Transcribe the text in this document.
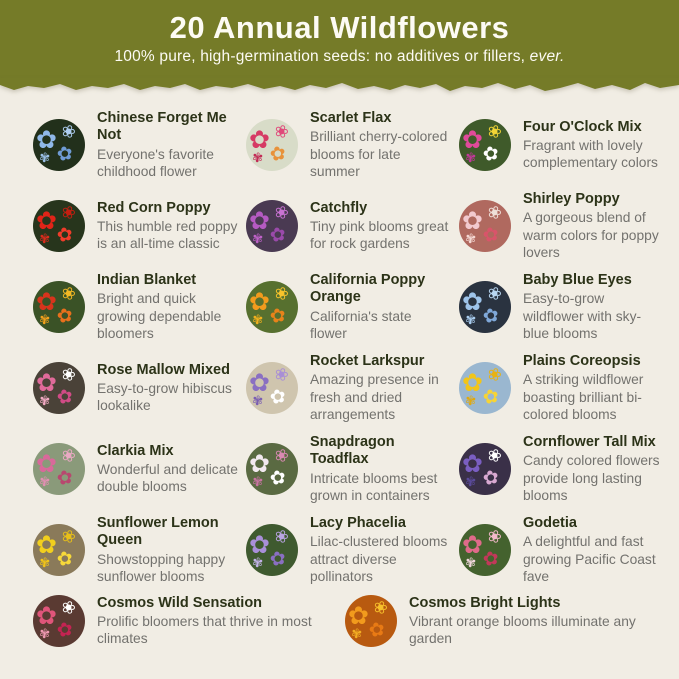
20 Annual Wildflowers

100% pure, high-germination seeds: no additives or fillers, ever.

✿ ❀
✿
✾
Chinese Forget Me Not
Everyone's favorite childhood flower
✿ ❀
✿
✾
Scarlet Flax
Brilliant cherry-colored blooms for late summer
✿ ❀
✿
✾
Four O'Clock Mix
Fragrant with lovely complementary colors
✿ ❀
✿
✾
Red Corn Poppy
This humble red poppy is an all-time classic
✿ ❀
✿
✾
Catchfly
Tiny pink blooms great for rock gardens
✿ ❀
✿
✾
Shirley Poppy
A gorgeous blend of warm colors for poppy lovers
✿ ❀
✿
✾
Indian Blanket
Bright and quick growing dependable bloomers
✿ ❀
✿
✾
California Poppy Orange
California's state flower
✿ ❀
✿
✾
Baby Blue Eyes
Easy-to-grow wildflower with sky-blue blooms
✿ ❀
✿
✾
Rose Mallow Mixed
Easy-to-grow hibiscus lookalike
✿ ❀
✿
✾
Rocket Larkspur
Amazing presence in fresh and dried arrangements
✿ ❀
✿
✾
Plains Coreopsis
A striking wildflower boasting brilliant bi-colored blooms
✿ ❀
✿
✾
Clarkia Mix
Wonderful and delicate double blooms
✿ ❀
✿
✾
Snapdragon Toadflax
Intricate blooms best grown in containers
✿ ❀
✿
✾
Cornflower Tall Mix
Candy colored flowers provide long lasting blooms
✿ ❀
✿
✾
Sunflower Lemon Queen
Showstopping happy sunflower blooms
✿ ❀
✿
✾
Lacy Phacelia
Lilac-clustered blooms attract diverse pollinators
✿ ❀
✿
✾
Godetia
A delightful and fast growing Pacific Coast fave
✿ ❀
✿
✾
Cosmos Wild Sensation
Prolific bloomers that thrive in most climates
✿ ❀
✿
✾
Cosmos Bright Lights
Vibrant orange blooms illuminate any garden
